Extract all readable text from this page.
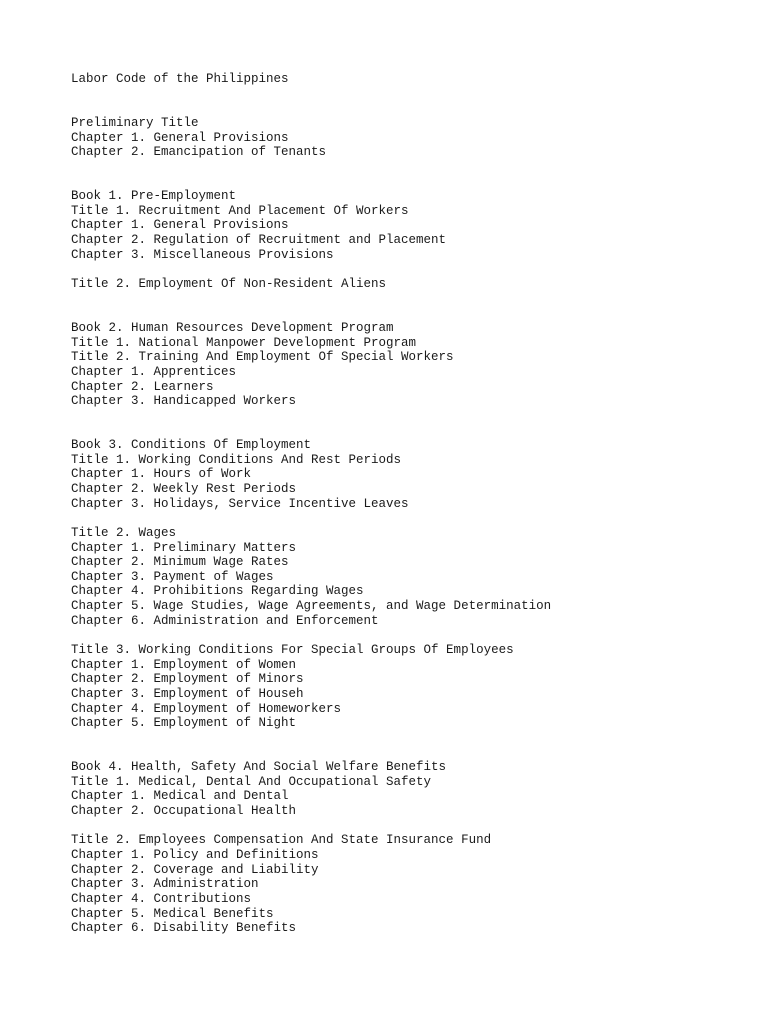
Labor Code of the Philippines
Preliminary Title
Chapter 1. General Provisions
Chapter 2. Emancipation of Tenants
Book 1. Pre-Employment
Title 1. Recruitment And Placement Of Workers
Chapter 1. General Provisions
Chapter 2. Regulation of Recruitment and Placement
Chapter 3. Miscellaneous Provisions
Title 2. Employment Of Non-Resident Aliens
Book 2. Human Resources Development Program
Title 1. National Manpower Development Program
Title 2. Training And Employment Of Special Workers
Chapter 1. Apprentices
Chapter 2. Learners
Chapter 3. Handicapped Workers
Book 3. Conditions Of Employment
Title 1. Working Conditions And Rest Periods
Chapter 1. Hours of Work
Chapter 2. Weekly Rest Periods
Chapter 3. Holidays, Service Incentive Leaves
Title 2. Wages
Chapter 1. Preliminary Matters
Chapter 2. Minimum Wage Rates
Chapter 3. Payment of Wages
Chapter 4. Prohibitions Regarding Wages
Chapter 5. Wage Studies, Wage Agreements, and Wage Determination
Chapter 6. Administration and Enforcement
Title 3. Working Conditions For Special Groups Of Employees
Chapter 1. Employment of Women
Chapter 2. Employment of Minors
Chapter 3. Employment of Househ
Chapter 4. Employment of Homeworkers
Chapter 5. Employment of Night
Book 4. Health, Safety And Social Welfare Benefits
Title 1. Medical, Dental And Occupational Safety
Chapter 1. Medical and Dental
Chapter 2. Occupational Health
Title 2. Employees Compensation And State Insurance Fund
Chapter 1. Policy and Definitions
Chapter 2. Coverage and Liability
Chapter 3. Administration
Chapter 4. Contributions
Chapter 5. Medical Benefits
Chapter 6. Disability Benefits
